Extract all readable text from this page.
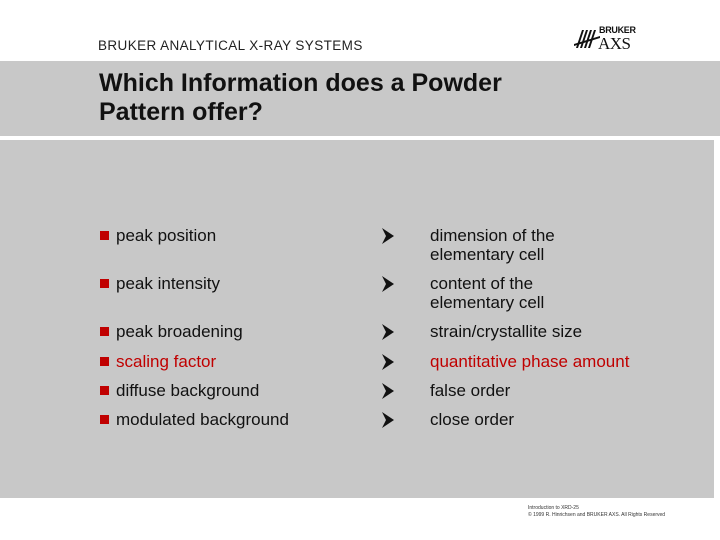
BRUKER ANALYTICAL X-RAY SYSTEMS
BRUKER
AXS
Which Information does a Powder
Pattern offer?
peak position	dimension of the
elementary cell
peak intensity	content of the
elementary cell
peak broadening	strain/crystallite size
scaling factor	quantitative phase amount
diffuse background	false order
modulated background	close order
Introduction to XRD-25
© 1999 R. Hinrichsen and BRUKER AXS. All Rights Reserved
